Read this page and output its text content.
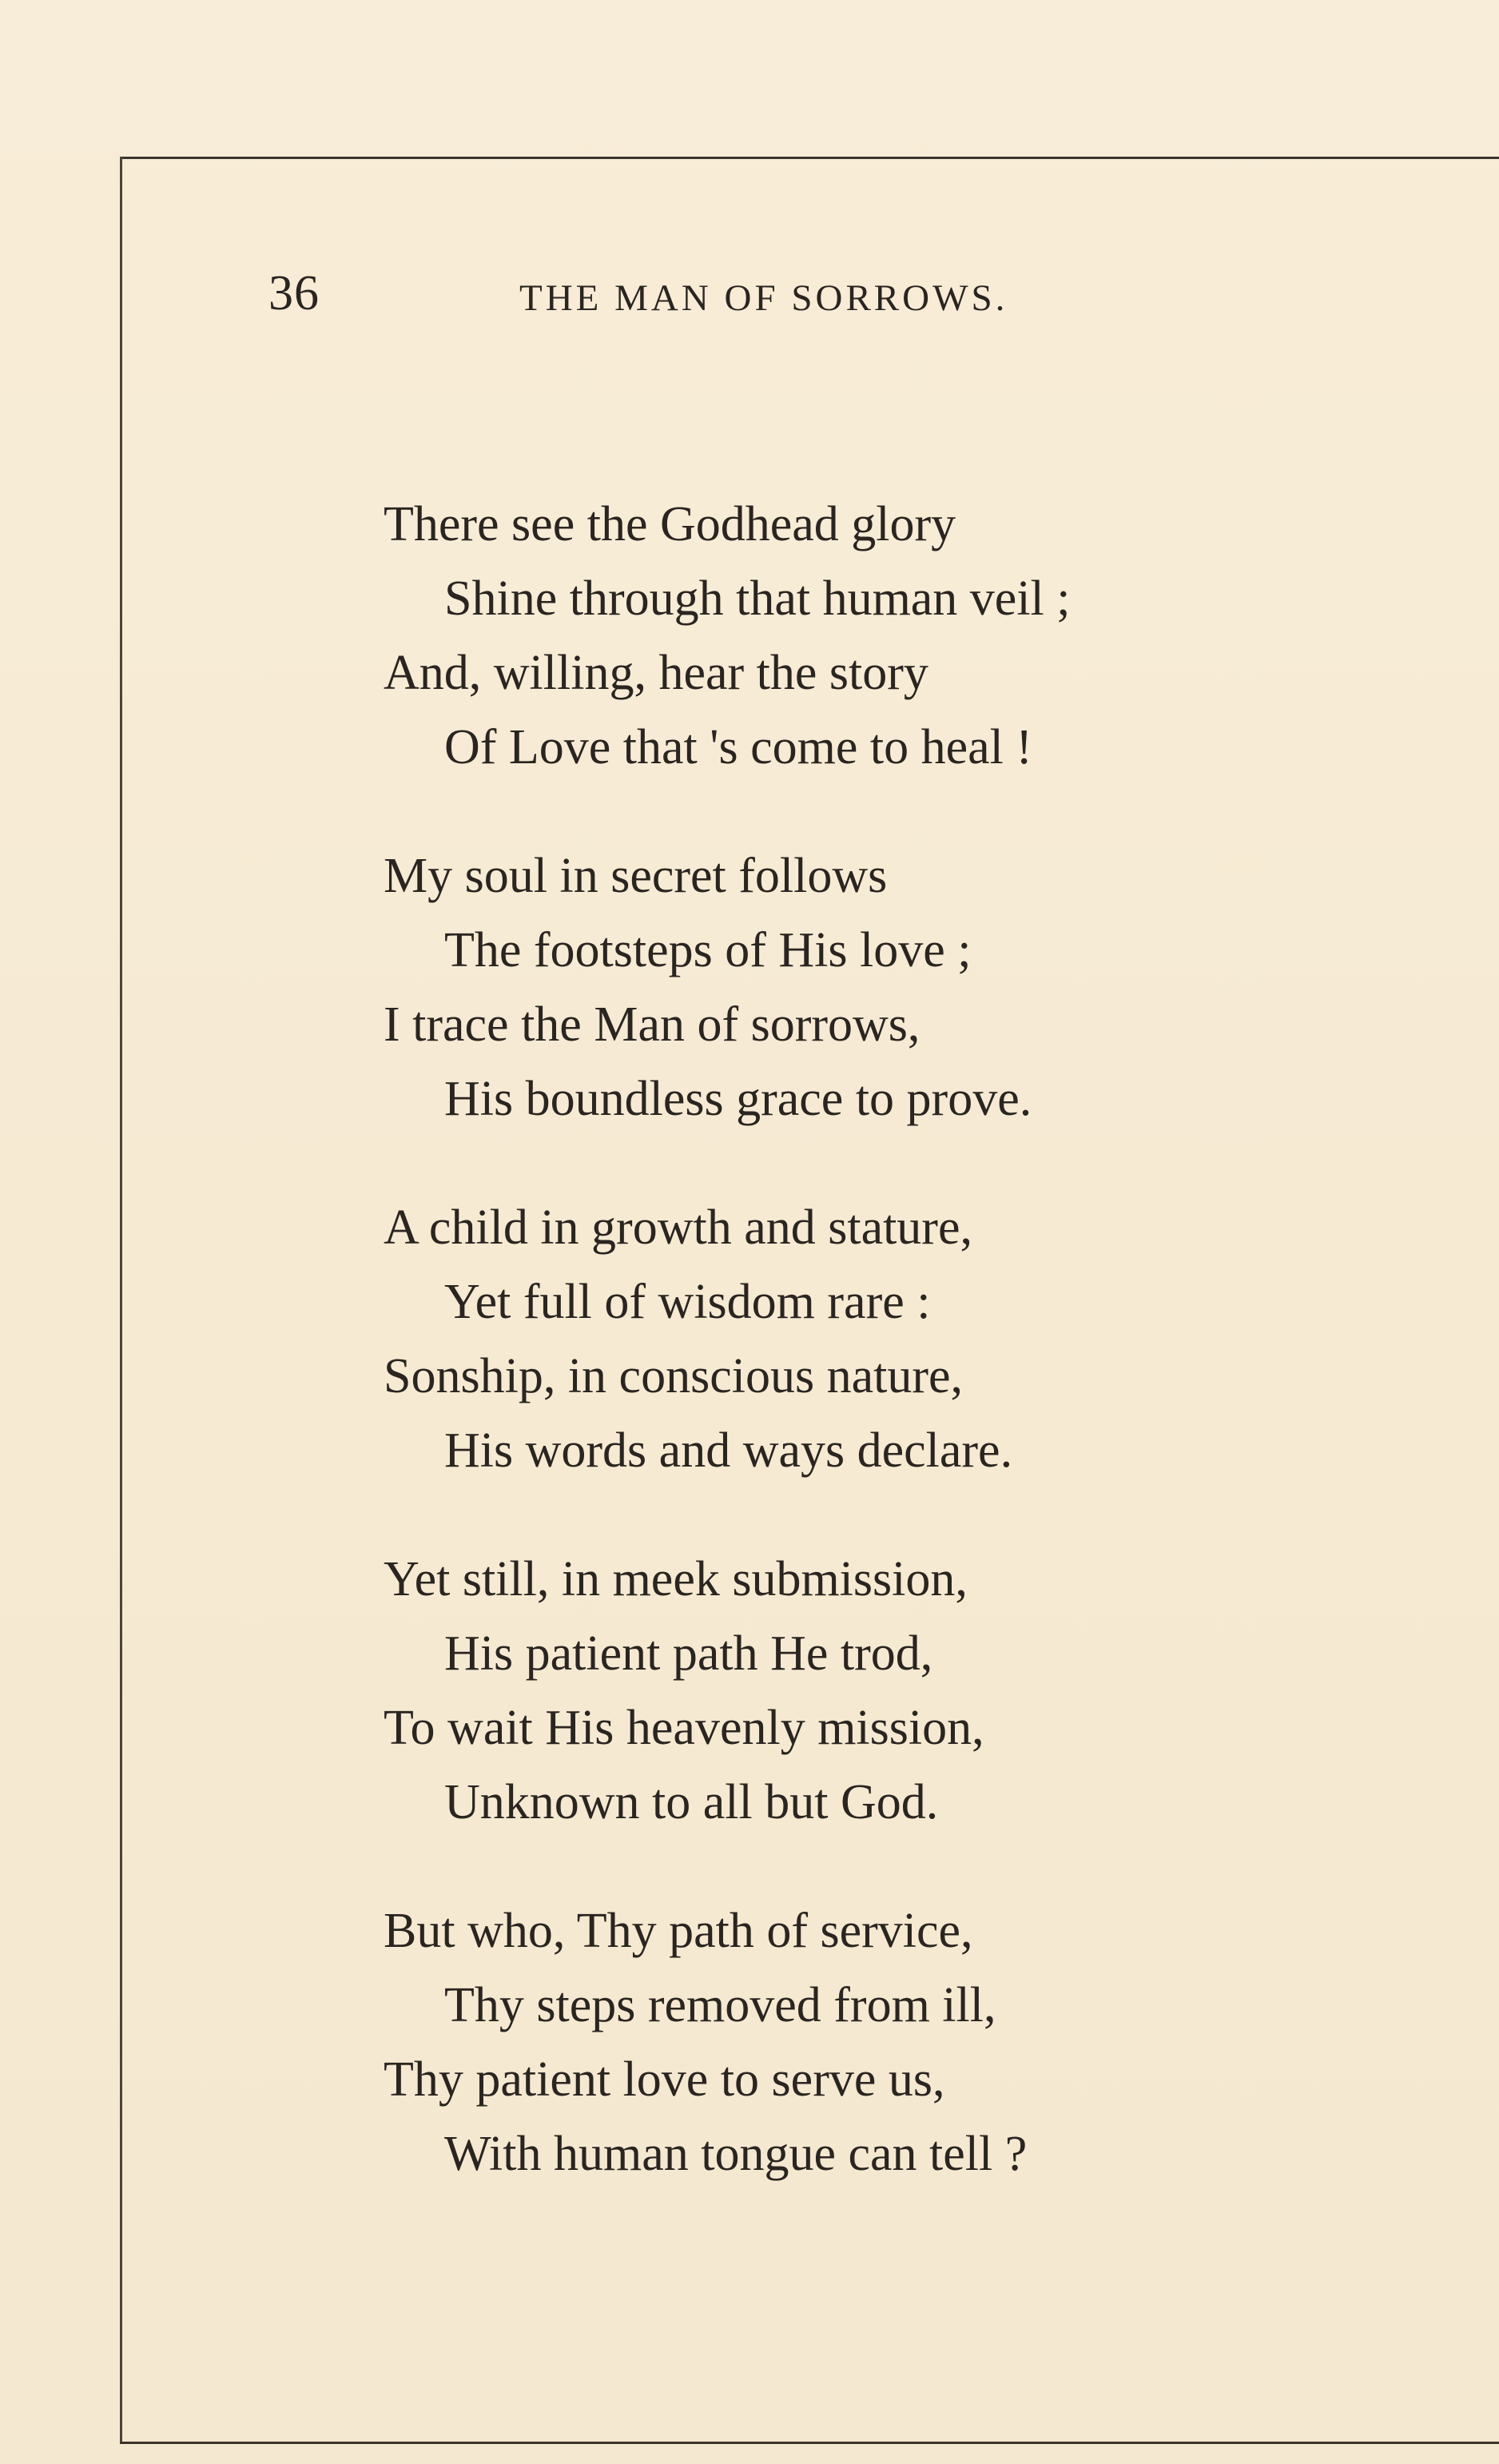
36	THE MAN OF SORROWS.
There see the Godhead glory
Shine through that human veil ;
And, willing, hear the story
Of Love that 's come to heal !
My soul in secret follows
The footsteps of His love ;
I trace the Man of sorrows,
His boundless grace to prove.
A child in growth and stature,
Yet full of wisdom rare :
Sonship, in conscious nature,
His words and ways declare.
Yet still, in meek submission,
His patient path He trod,
To wait His heavenly mission,
Unknown to all but God.
But who, Thy path of service,
Thy steps removed from ill,
Thy patient love to serve us,
With human tongue can tell ?
